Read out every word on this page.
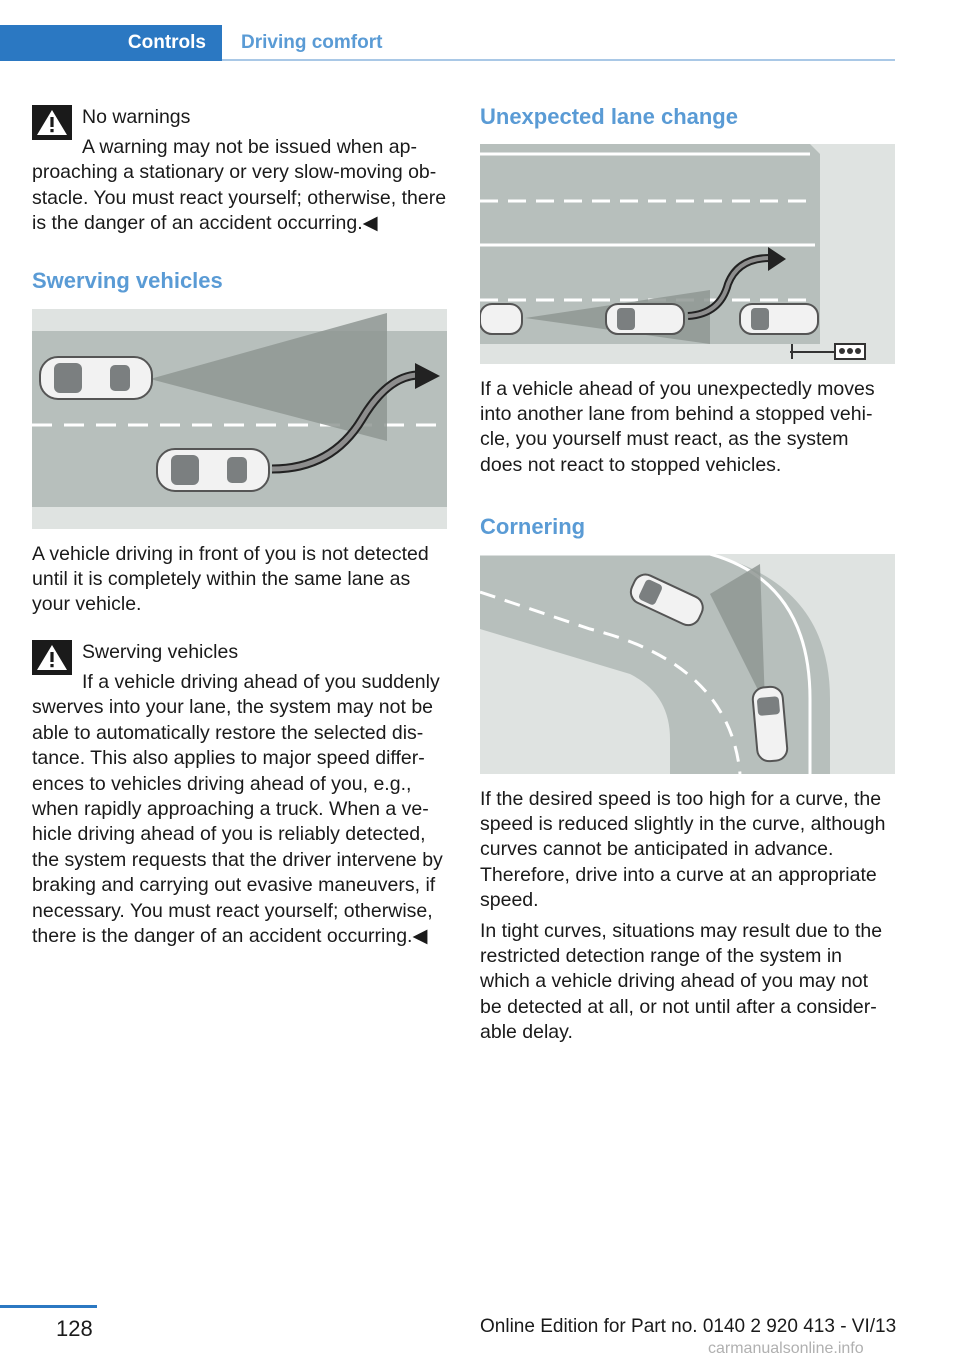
Controls	Driving comfort
No warnings
A warning may not be issued when approaching a stationary or very slow-moving obstacle. You must react yourself; otherwise, there is the danger of an accident occurring.◀
Swerving vehicles

A vehicle driving in front of you is not detected until it is completely within the same lane as your vehicle.

Swerving vehicles
If a vehicle driving ahead of you suddenly swerves into your lane, the system may not be able to automatically restore the selected distance. This also applies to major speed differences to vehicles driving ahead of you, e.g., when rapidly approaching a truck. When a vehicle driving ahead of you is reliably detected, the system requests that the driver intervene by braking and carrying out evasive maneuvers, if necessary. You must react yourself; otherwise, there is the danger of an accident occurring.◀
Unexpected lane change

If a vehicle ahead of you unexpectedly moves into another lane from behind a stopped vehicle, you yourself must react, as the system does not react to stopped vehicles.

Cornering

If the desired speed is too high for a curve, the speed is reduced slightly in the curve, although curves cannot be anticipated in advance. Therefore, drive into a curve at an appropriate speed.

In tight curves, situations may result due to the restricted detection range of the system in which a vehicle driving ahead of you may not be detected at all, or not until after a considerable delay.

128	Online Edition for Part no. 0140 2 920 413 - VI/13
carmanualsonline.info
